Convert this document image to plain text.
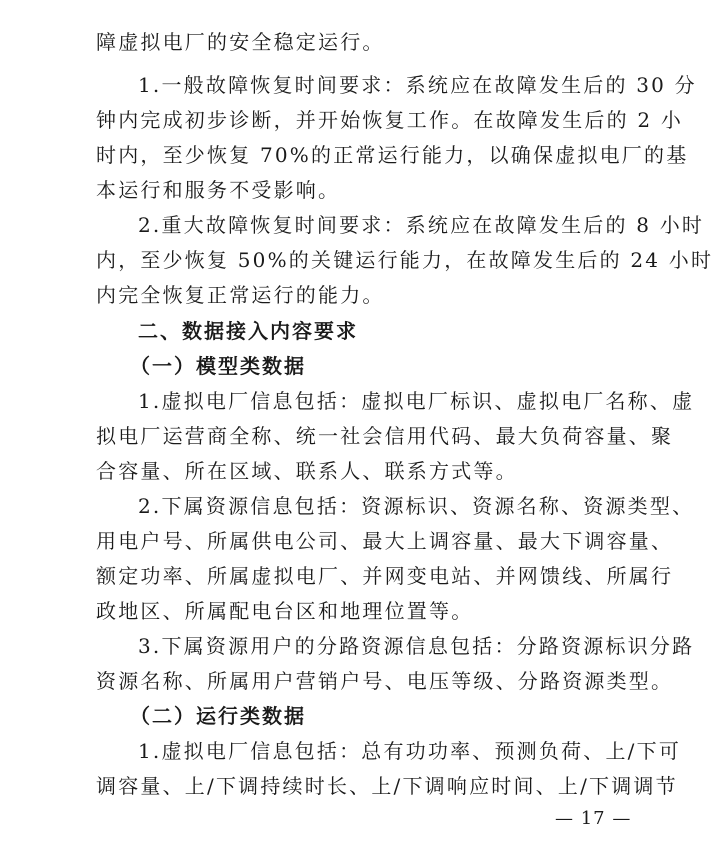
障虚拟电厂的安全稳定运行。
1.一般故障恢复时间要求：系统应在故障发生后的 30 分
钟内完成初步诊断，并开始恢复工作。在故障发生后的 2 小
时内，至少恢复 70%的正常运行能力，以确保虚拟电厂的基
本运行和服务不受影响。
2.重大故障恢复时间要求：系统应在故障发生后的 8 小时
内，至少恢复 50%的关键运行能力，在故障发生后的 24 小时
内完全恢复正常运行的能力。
二、数据接入内容要求
（一）模型类数据
1.虚拟电厂信息包括：虚拟电厂标识、虚拟电厂名称、虚
拟电厂运营商全称、统一社会信用代码、最大负荷容量、聚
合容量、所在区域、联系人、联系方式等。
2.下属资源信息包括：资源标识、资源名称、资源类型、
用电户号、所属供电公司、最大上调容量、最大下调容量、
额定功率、所属虚拟电厂、并网变电站、并网馈线、所属行
政地区、所属配电台区和地理位置等。
3.下属资源用户的分路资源信息包括：分路资源标识分路
资源名称、所属用户营销户号、电压等级、分路资源类型。
（二）运行类数据
1.虚拟电厂信息包括：总有功功率、预测负荷、上/下可
调容量、上/下调持续时长、上/下调响应时间、上/下调调节
— 17 —
